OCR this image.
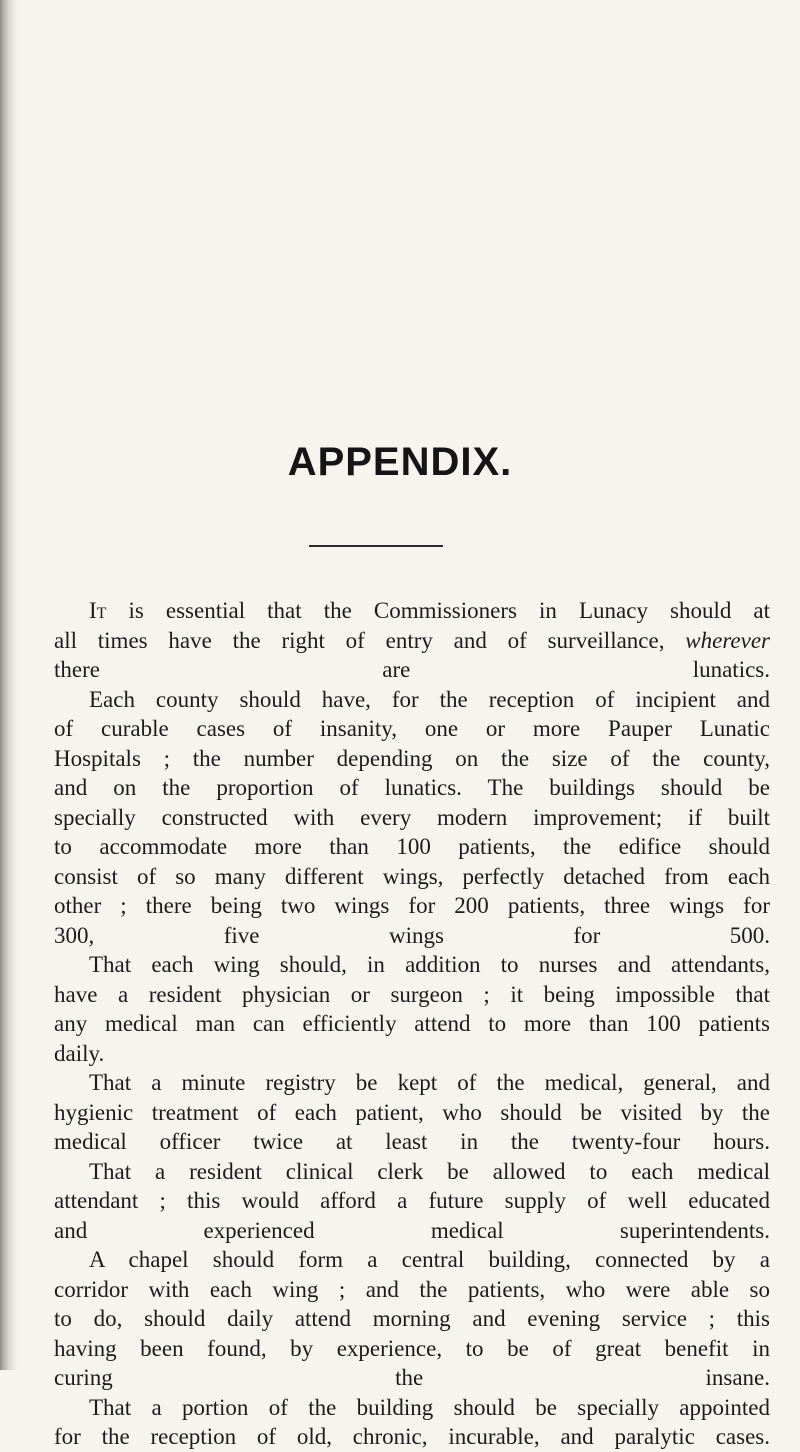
APPENDIX.

It is essential that the Commissioners in Lunacy should at
all times have the right of entry and of surveillance, wherever
there are lunatics.

Each county should have, for the reception of incipient and
of curable cases of insanity, one or more Pauper Lunatic
Hospitals ; the number depending on the size of the county,
and on the proportion of lunatics. The buildings should be
specially constructed with every modern improvement; if built
to accommodate more than 100 patients, the edifice should
consist of so many different wings, perfectly detached from each
other ; there being two wings for 200 patients, three wings for
300, five wings for 500.

That each wing should, in addition to nurses and attendants,
have a resident physician or surgeon ; it being impossible that
any medical man can efficiently attend to more than 100 patients
daily.

That a minute registry be kept of the medical, general, and
hygienic treatment of each patient, who should be visited by the
medical officer twice at least in the twenty-four hours.

That a resident clinical clerk be allowed to each medical
attendant ; this would afford a future supply of well educated
and experienced medical superintendents.

A chapel should form a central building, connected by a
corridor with each wing ; and the patients, who were able so
to do, should daily attend morning and evening service ; this
having been found, by experience, to be of great benefit in
curing the insane.

That a portion of the building should be specially appointed
for the reception of old, chronic, incurable, and paralytic cases.
